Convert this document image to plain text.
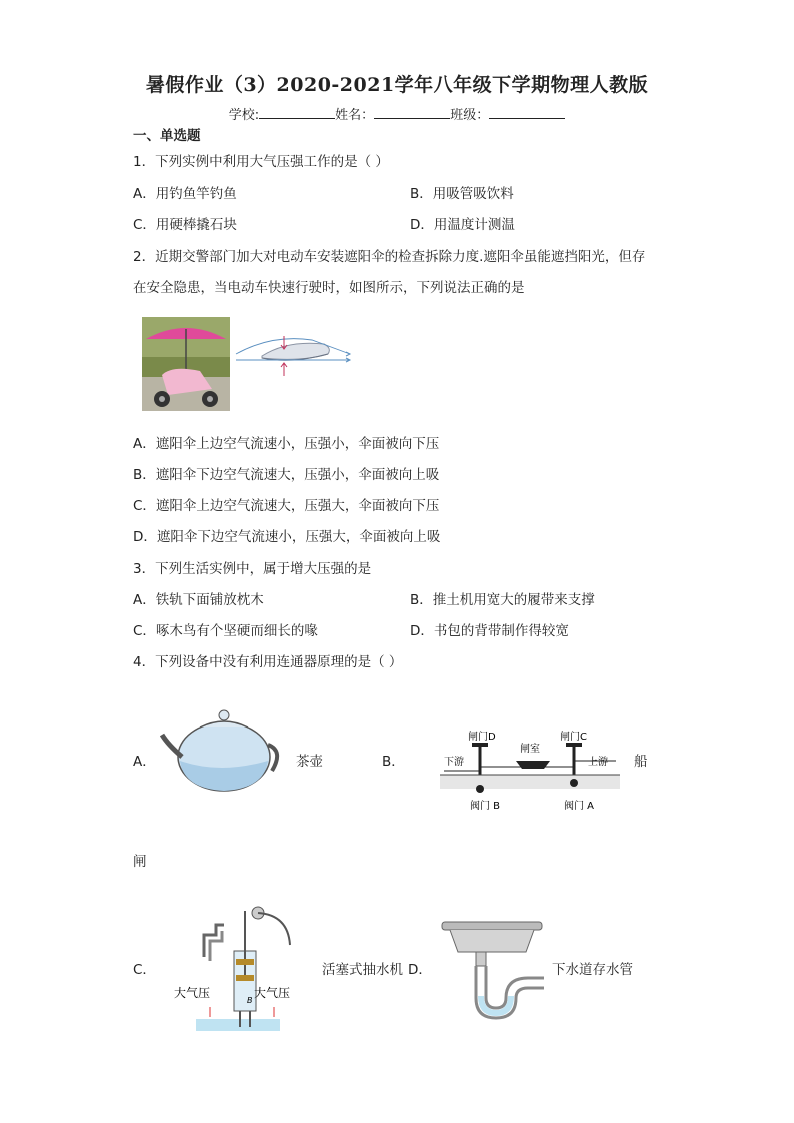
暑假作业（3）2020-2021学年八年级下学期物理人教版
学校:	姓名：	班级：
一、单选题
1．下列实例中利用大气压强工作的是（ ）
A．用钓鱼竿钓鱼	B．用吸管吸饮料
C．用硬棒撬石块	D．用温度计测温
2．近期交警部门加大对电动车安装遮阳伞的检查拆除力度.遮阳伞虽能遮挡阳光，但存
在安全隐患，当电动车快速行驶时，如图所示，下列说法正确的是
A．遮阳伞上边空气流速小，压强小，伞面被向下压
B．遮阳伞下边空气流速大，压强小，伞面被向上吸
C．遮阳伞上边空气流速大，压强大，伞面被向下压
D．遮阳伞下边空气流速小，压强大，伞面被向上吸
3．下列生活实例中，属于增大压强的是
A．铁轨下面铺放枕木	B．推土机用宽大的履带来支撑
C．啄木鸟有个坚硬而细长的喙	D．书包的背带制作得较宽
4．下列设备中没有利用连通器原理的是（ ）
A．	茶壶	B．
闸门D	闸门C
闸室
下游	上游
阀门 B	阀门 A
船
闸
C．
B
大气压	大气压
活塞式抽水机 D．	下水道存水管
